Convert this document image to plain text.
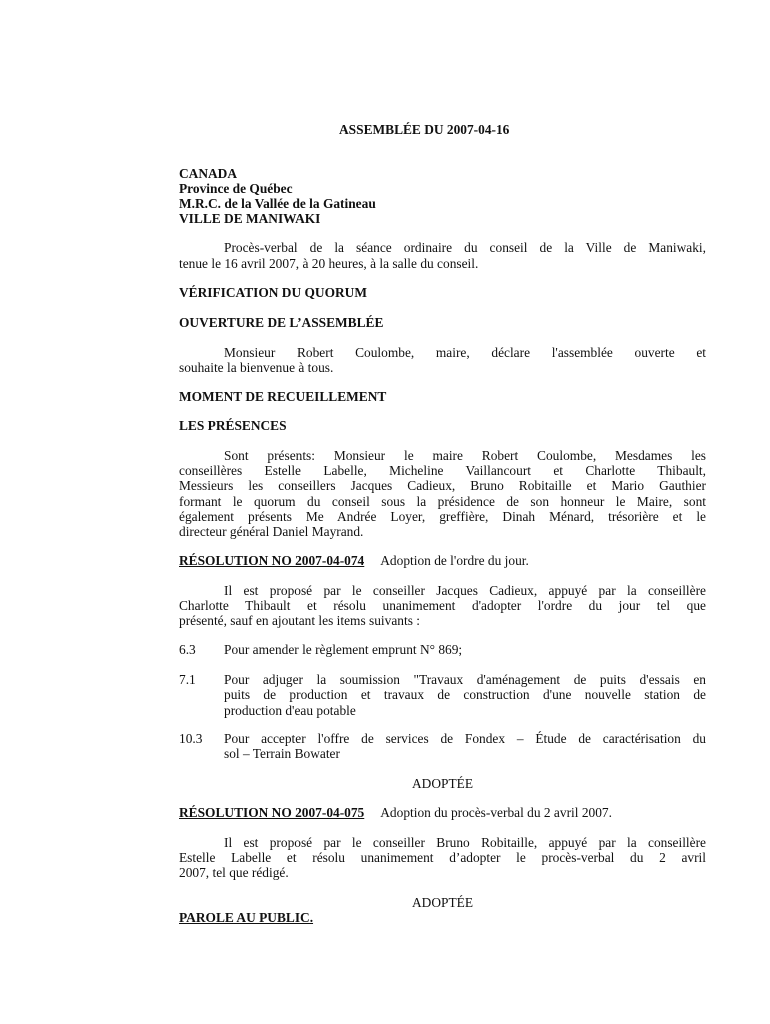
ASSEMBLÉE DU 2007-04-16
CANADA
Province de Québec
M.R.C. de la Vallée de la Gatineau
VILLE DE MANIWAKI
Procès-verbal de la séance ordinaire du conseil de la Ville de Maniwaki,
tenue le 16 avril 2007, à 20 heures, à la salle du conseil.
VÉRIFICATION DU QUORUM
OUVERTURE DE L’ASSEMBLÉE
Monsieur Robert Coulombe, maire, déclare l'assemblée ouverte et
souhaite la bienvenue à tous.
MOMENT DE RECUEILLEMENT
LES PRÉSENCES
Sont présents: Monsieur le maire Robert Coulombe, Mesdames les
conseillères Estelle Labelle, Micheline Vaillancourt et Charlotte Thibault,
Messieurs les conseillers Jacques Cadieux, Bruno Robitaille et Mario Gauthier
formant le quorum du conseil sous la présidence de son honneur le Maire, sont
également présents Me Andrée Loyer, greffière, Dinah Ménard, trésorière et le
directeur général Daniel Mayrand.
RÉSOLUTION NO 2007-04-074 Adoption de l'ordre du jour.
Il est proposé par le conseiller Jacques Cadieux, appuyé par la conseillère
Charlotte Thibault et résolu unanimement d'adopter l'ordre du jour tel que
présenté, sauf en ajoutant les items suivants :
6.3 Pour amender le règlement emprunt N° 869;
7.1 Pour adjuger la soumission "Travaux d'aménagement de puits d'essais en
puits de production et travaux de construction d'une nouvelle station de
production d'eau potable
10.3 Pour accepter l'offre de services de Fondex – Étude de caractérisation du
sol – Terrain Bowater
ADOPTÉE
RÉSOLUTION NO 2007-04-075 Adoption du procès-verbal du 2 avril 2007.
Il est proposé par le conseiller Bruno Robitaille, appuyé par la conseillère
Estelle Labelle et résolu unanimement d’adopter le procès-verbal du 2 avril
2007, tel que rédigé.
ADOPTÉE
PAROLE AU PUBLIC.
